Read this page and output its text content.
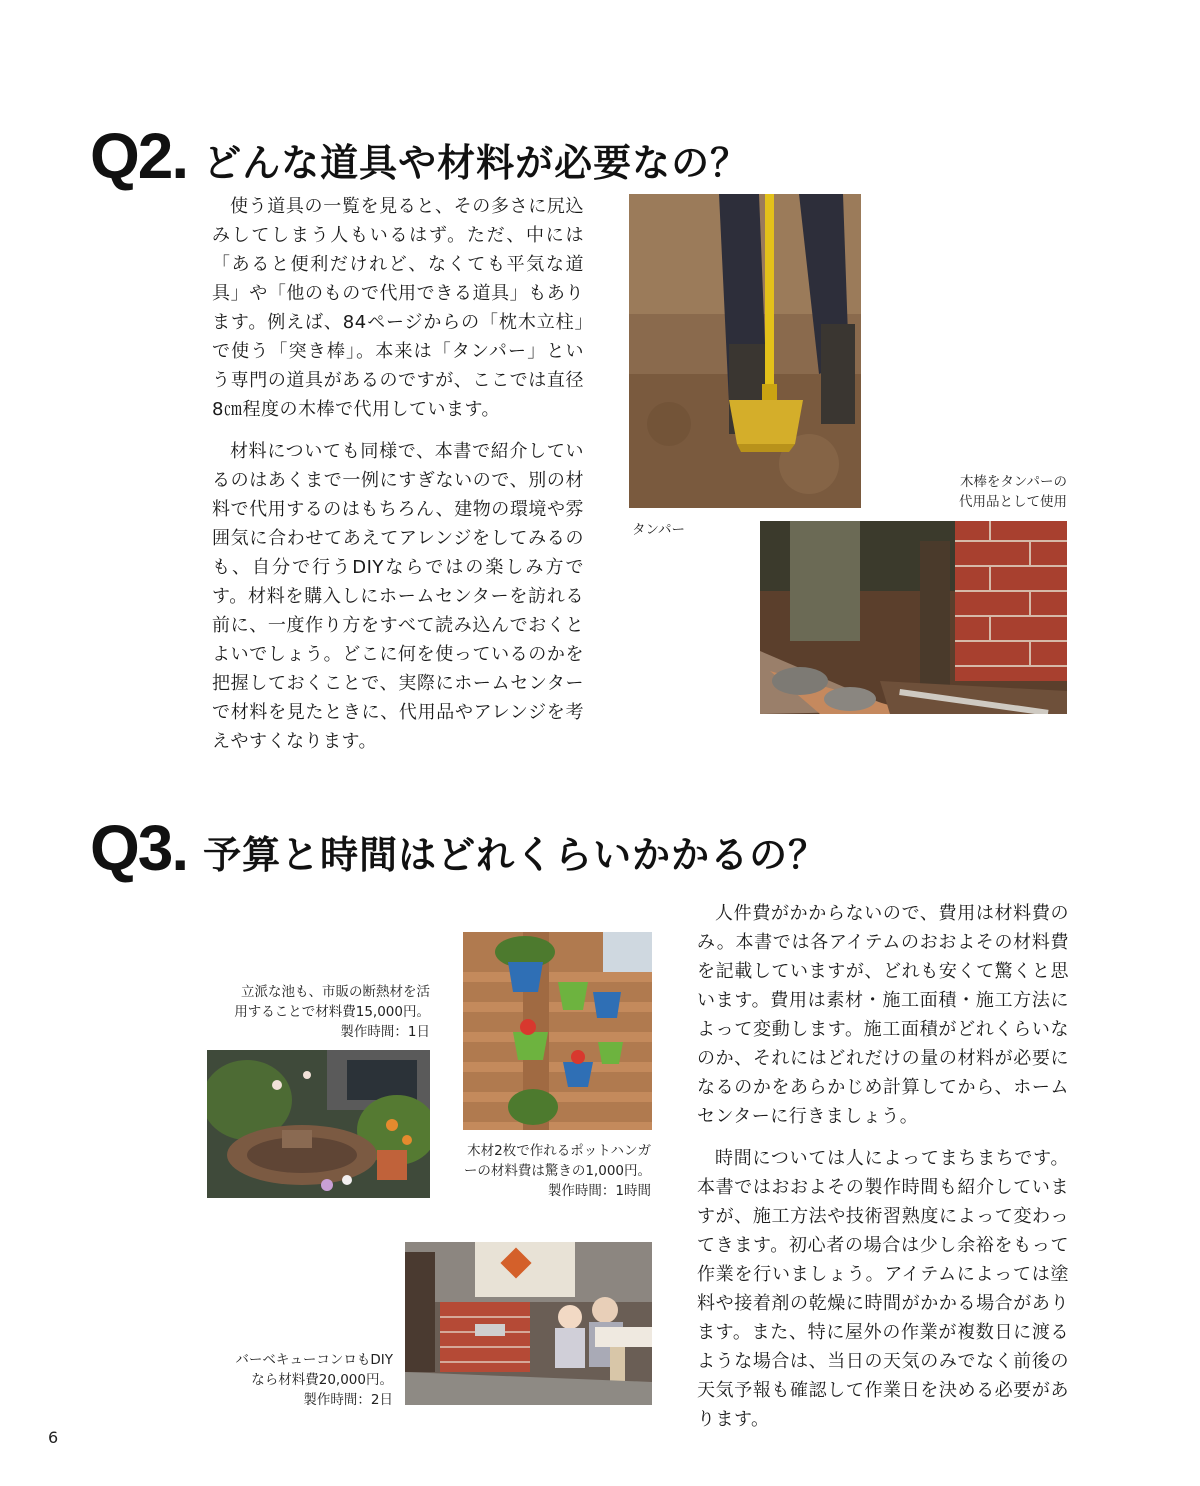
Q2. どんな道具や材料が必要なの？

使う道具の一覧を見ると、その多さに尻込みしてしまう人もいるはず。ただ、中には「あると便利だけれど、なくても平気な道具」や「他のもので代用できる道具」もあります。例えば、84ページからの「枕木立柱」で使う「突き棒」。本来は「タンパー」という専門の道具があるのですが、ここでは直径8㎝程度の木棒で代用しています。

材料についても同様で、本書で紹介しているのはあくまで一例にすぎないので、別の材料で代用するのはもちろん、建物の環境や雰囲気に合わせてあえてアレンジをしてみるのも、自分で行うDIYならではの楽しみ方です。材料を購入しにホームセンターを訪れる前に、一度作り方をすべて読み込んでおくとよいでしょう。どこに何を使っているのかを把握しておくことで、実際にホームセンターで材料を見たときに、代用品やアレンジを考えやすくなります。

タンパー
木棒をタンパーの
代用品として使用
Q3. 予算と時間はどれくらいかかるの？

人件費がかからないので、費用は材料費のみ。本書では各アイテムのおおよその材料費を記載していますが、どれも安くて驚くと思います。費用は素材・施工面積・施工方法によって変動します。施工面積がどれくらいなのか、それにはどれだけの量の材料が必要になるのかをあらかじめ計算してから、ホームセンターに行きましょう。

時間については人によってまちまちです。本書ではおおよその製作時間も紹介していますが、施工方法や技術習熟度によって変わってきます。初心者の場合は少し余裕をもって作業を行いましょう。アイテムによっては塗料や接着剤の乾燥に時間がかかる場合があります。また、特に屋外の作業が複数日に渡るような場合は、当日の天気のみでなく前後の天気予報も確認して作業日を決める必要があります。

立派な池も、市販の断熱材を活
用することで材料費15,000円。
製作時間：1日
木材2枚で作れるポットハンガ
ーの材料費は驚きの1,000円。
製作時間：1時間
バーベキューコンロもDIY
なら材料費20,000円。
製作時間：2日
6
